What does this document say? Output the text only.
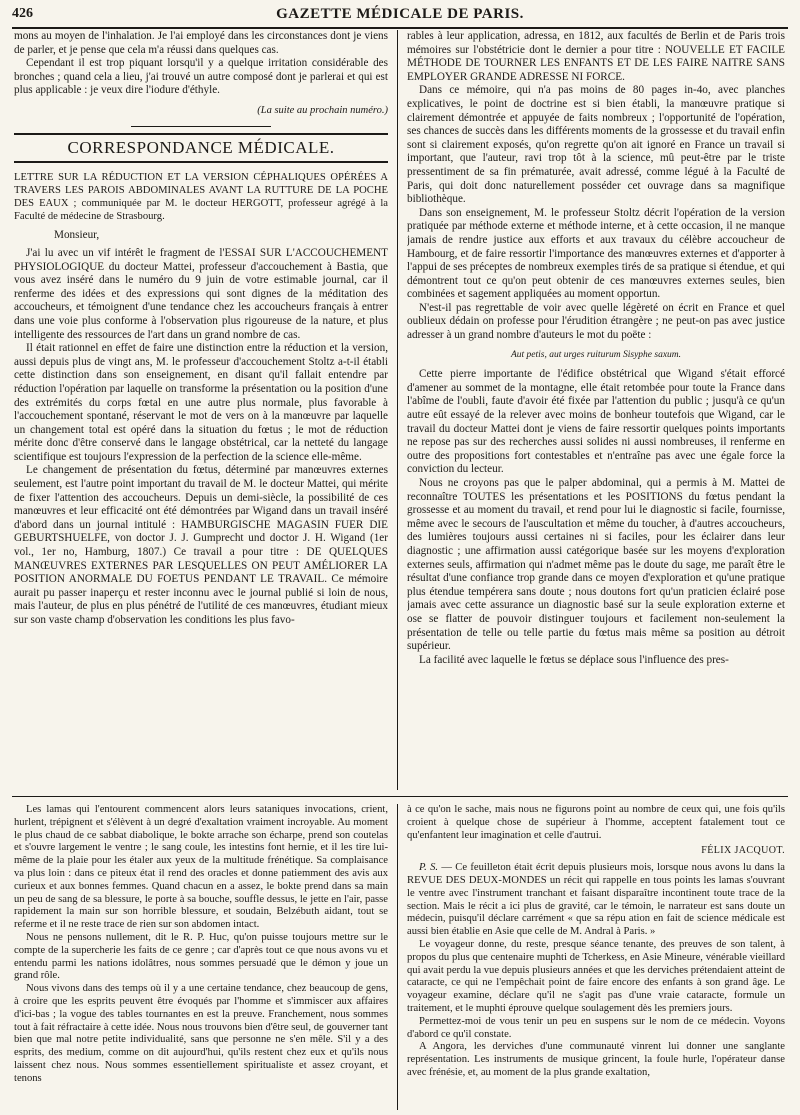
426	GAZETTE MÉDICALE DE PARIS.

mons au moyen de l'inhalation. Je l'ai employé dans les circonstances dont je viens de parler, et je pense que cela m'a réussi dans quelques cas.

Cependant il est trop piquant lorsqu'il y a quelque irritation considérable des bronches ; quand cela a lieu, j'ai trouvé un autre composé dont je parlerai et qui est plus applicable : je veux dire l'iodure d'éthyle.

(La suite au prochain numéro.)

CORRESPONDANCE MÉDICALE.

LETTRE SUR LA RÉDUCTION ET LA VERSION CÉPHALIQUES OPÉRÉES A TRAVERS LES PAROIS ABDOMINALES AVANT LA RUTTURE DE LA POCHE DES EAUX ; communiquée par M. le docteur HERGOTT, professeur agrégé à la Faculté de médecine de Strasbourg.

Monsieur,

J'ai lu avec un vif intérêt le fragment de l'ESSAI SUR L'ACCOUCHEMENT PHYSIOLOGIQUE du docteur Mattei, professeur d'accouchement à Bastia, que vous avez inséré dans le numéro du 9 juin de votre estimable journal, car il renferme des idées et des expressions qui sont dignes de la méditation des accoucheurs, et témoignent d'une tendance chez les accoucheurs français à entrer dans une voie plus conforme à l'observation plus rigoureuse de la nature, et plus intelligente des ressources de l'art dans un grand nombre de cas.

Il était rationnel en effet de faire une distinction entre la réduction et la version, aussi depuis plus de vingt ans, M. le professeur d'accouchement Stoltz a-t-il établi cette distinction dans son enseignement, en disant qu'il fallait entendre par réduction l'opération par laquelle on transforme la présentation ou la position d'une des extrémités du corps fœtal en une autre plus normale, plus favorable à l'accouchement spontané, réservant le mot de vers on à la manœuvre par laquelle un changement total est opéré dans la situation du fœtus ; le mot de réduction mérite donc d'être conservé dans le langage obstétrical, car la netteté du langage scientifique est toujours l'expression de la perfection de la science elle-même.

Le changement de présentation du fœtus, déterminé par manœuvres externes seulement, est l'autre point important du travail de M. le docteur Mattei, qui mérite de fixer l'attention des accoucheurs. Depuis un demi-siècle, la possibilité de ces manœuvres et leur efficacité ont été démontrées par Wigand dans un travail inséré d'abord dans un journal intitulé : HAMBURGISCHE MAGASIN FUER DIE GEBURTSHUELFE, von doctor J. J. Gumprecht und doctor J. H. Wigand (1er vol., 1er no, Hamburg, 1807.) Ce travail a pour titre : DE QUELQUES MANŒUVRES EXTERNES PAR LESQUELLES ON PEUT AMÉLIORER LA POSITION ANORMALE DU FOETUS PENDANT LE TRAVAIL. Ce mémoire aurait pu passer inaperçu et rester inconnu avec le journal publié si loin de nous, mais l'auteur, de plus en plus pénétré de l'utilité de ces manœuvres, étudiant mieux sur son vaste champ d'observation les conditions les plus favo-

rables à leur application, adressa, en 1812, aux facultés de Berlin et de Paris trois mémoires sur l'obstétricie dont le dernier a pour titre : NOUVELLE ET FACILE MÉTHODE DE TOURNER LES ENFANTS ET DE LES FAIRE NAITRE SANS EMPLOYER GRANDE ADRESSE NI FORCE.

Dans ce mémoire, qui n'a pas moins de 80 pages in-4o, avec planches explicatives, le point de doctrine est si bien établi, la manœuvre pratique si clairement démontrée et appuyée de faits nombreux ; l'opportunité de l'opération, ses chances de succès dans les différents moments de la grossesse et du travail enfin sont si clairement exposés, qu'on regrette qu'on ait ignoré en France un travail si important, que l'auteur, ravi trop tôt à la science, mû peut-être par le triste pressentiment de sa fin prématurée, avait adressé, comme légué à la Faculté de Paris, qui doit donc naturellement posséder cet ouvrage dans sa magnifique bibliothèque.

Dans son enseignement, M. le professeur Stoltz décrit l'opération de la version pratiquée par méthode externe et méthode interne, et à cette occasion, il ne manque jamais de rendre justice aux efforts et aux travaux du célèbre accoucheur de Hambourg, et de faire ressortir l'importance des manœuvres externes et d'apporter à l'appui de ses préceptes de nombreux exemples tirés de sa pratique si étendue, et qui démontrent tout ce qu'on peut obtenir de ces manœuvres externes seules, bien combinées et sagement appliquées au moment opportun.

N'est-il pas regrettable de voir avec quelle légèreté on écrit en France et quel oublieux dédain on professe pour l'érudition étrangère ; ne peut-on pas avec justice adresser à un grand nombre d'auteurs le mot du poëte :

Aut petis, aut urges ruiturum Sisyphe saxum.

Cette pierre importante de l'édifice obstétrical que Wigand s'était efforcé d'amener au sommet de la montagne, elle était retombée pour toute la France dans l'abîme de l'oubli, faute d'avoir été fixée par l'attention du public ; jusqu'à ce qu'un autre eût essayé de la relever avec moins de bonheur toutefois que Wigand, car le travail du docteur Mattei dont je viens de faire ressortir quelques points importants ne repose pas sur des recherches aussi solides ni aussi nombreuses, il renferme en outre des propositions fort contestables et n'entraîne pas avec une égale force la conviction du lecteur.

Nous ne croyons pas que le palper abdominal, qui a permis à M. Mattei de reconnaître TOUTES les présentations et les POSITIONS du fœtus pendant la grossesse et au moment du travail, et rend pour lui le diagnostic si facile, fournisse, même avec le secours de l'auscultation et même du toucher, à d'autres accoucheurs, des lumières toujours aussi certaines ni si faciles, pour les éclairer dans leur diagnostic ; une affirmation aussi catégorique basée sur les moyens d'exploration externes seuls, affirmation qui n'admet même pas le doute du sage, me paraît être le résultat d'une confiance trop grande dans ce moyen d'exploration et qu'une pratique plus étendue tempérera sans doute ; nous doutons fort qu'un praticien éclairé pose jamais avec cette assurance un diagnostic basé sur la seule exploration externe et ose se flatter de pouvoir distinguer toujours et facilement non-seulement la présentation de telle ou telle partie du fœtus mais même sa position au détroit supérieur.

La facilité avec laquelle le fœtus se déplace sous l'influence des pres-

Les lamas qui l'entourent commencent alors leurs sataniques invocations, crient, hurlent, trépignent et s'élèvent à un degré d'exaltation vraiment incroyable. Au moment le plus chaud de ce sabbat diabolique, le bokte arrache son écharpe, prend son coutelas et s'ouvre largement le ventre ; le sang coule, les intestins font hernie, et il les tire lui-même de la plaie pour les étaler aux yeux de la multitude frénétique. Sa complaisance va plus loin : dans ce piteux état il rend des oracles et donne patiemment des avis aux curieux et aux bonnes femmes. Quand chacun en a assez, le bokte prend dans sa main un peu de sang de sa blessure, le porte à sa bouche, souffle dessus, le jette en l'air, passe rapidement la main sur son horrible blessure, et soudain, Belzébuth aidant, tout se referme et il ne reste trace de rien sur son abdomen intact.

Nous ne pensons nullement, dit le R. P. Huc, qu'on puisse toujours mettre sur le compte de la supercherie les faits de ce genre ; car d'après tout ce que nous avons vu et entendu parmi les nations idolâtres, nous sommes persuadé que le démon y joue un grand rôle.

Nous vivons dans des temps où il y a une certaine tendance, chez beaucoup de gens, à croire que les esprits peuvent être évoqués par l'homme et s'immiscer aux affaires d'ici-bas ; la vogue des tables tournantes en est la preuve. Franchement, nous sommes tout à fait réfractaire à cette idée. Nous nous trouvons bien d'être seul, de gouverner tant bien que mal notre petite individualité, sans que personne ne s'en mêle. S'il y a des esprits, des medium, comme on dit aujourd'hui, qu'ils restent chez eux et qu'ils nous laissent chez nous. Nous sommes essentiellement spiritualiste et assez croyant, et tenons

à ce qu'on le sache, mais nous ne figurons point au nombre de ceux qui, une fois qu'ils croient à quelque chose de supérieur à l'homme, acceptent fatalement tout ce qu'enfantent leur imagination et celle d'autrui.

FÉLIX JACQUOT.

P. S. — Ce feuilleton était écrit depuis plusieurs mois, lorsque nous avons lu dans la REVUE DES DEUX-MONDES un récit qui rappelle en tous points les lamas s'ouvrant le ventre avec l'instrument tranchant et faisant disparaître incontinent toute trace de la section. Mais le récit a ici plus de gravité, car le témoin, le narrateur est sans doute un médecin, puisqu'il déclare carrément « que sa répu ation en fait de science médicale est aussi bien établie en Asie que celle de M. Andral à Paris. »

Le voyageur donne, du reste, presque séance tenante, des preuves de son talent, à propos du plus que centenaire muphti de Tcherkess, en Asie Mineure, vénérable vieillard qui avait perdu la vue depuis plusieurs années et que les derviches prétendaient atteint de cataracte, ce qui ne l'empêchait point de faire encore des enfants à son grand âge. Le voyageur examine, déclare qu'il ne s'agit pas d'une vraie cataracte, formule un traitement, et le muphti éprouve quelque soulagement dès les premiers jours.

Permettez-moi de vous tenir un peu en suspens sur le nom de ce médecin. Voyons d'abord ce qu'il constate.

A Angora, les derviches d'une communauté vinrent lui donner une sanglante représentation. Les instruments de musique grincent, la foule hurle, l'opérateur danse avec frénésie, et, au moment de la plus grande exaltation,
